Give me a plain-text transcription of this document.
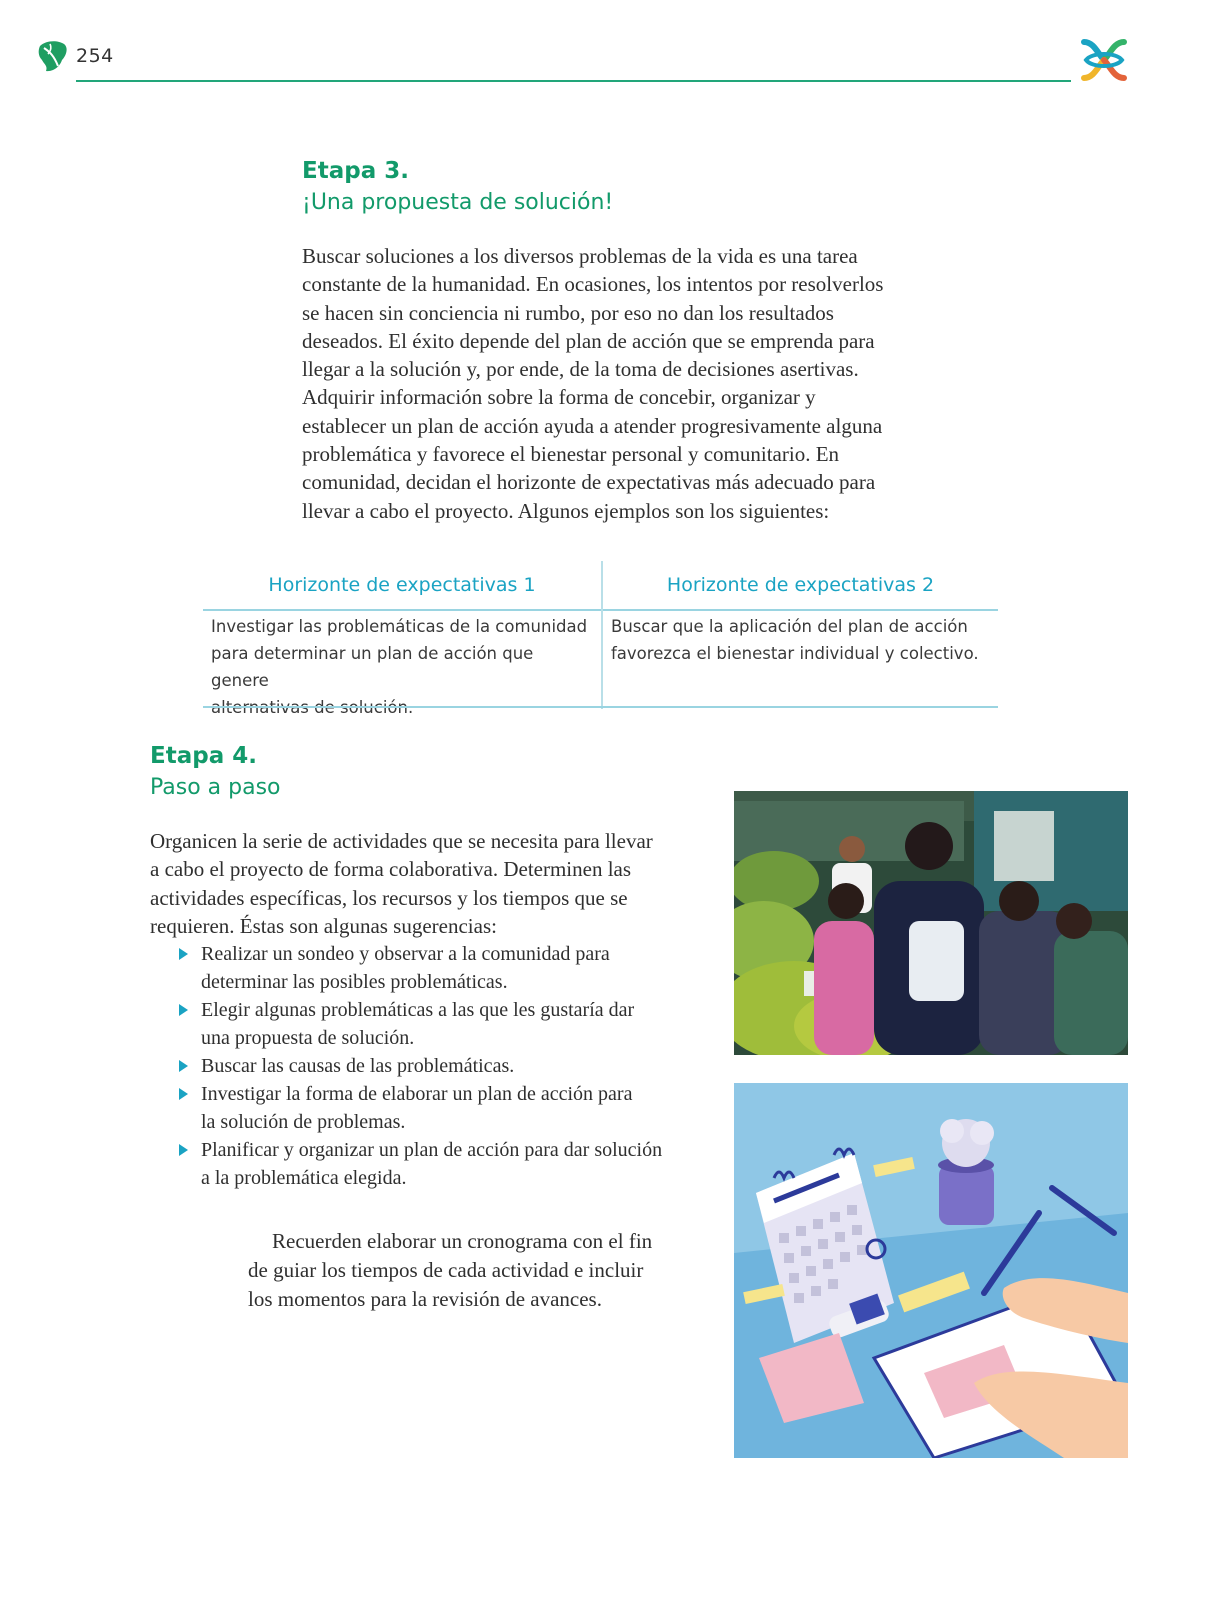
254
Etapa 3.
¡Una propuesta de solución!
Buscar soluciones a los diversos problemas de la vida es una tarea
constante de la humanidad. En ocasiones, los intentos por resolverlos
se hacen sin conciencia ni rumbo, por eso no dan los resultados
deseados. El éxito depende del plan de acción que se emprenda para
llegar a la solución y, por ende, de la toma de decisiones asertivas.
Adquirir información sobre la forma de concebir, organizar y
establecer un plan de acción ayuda a atender progresivamente alguna
problemática y favorece el bienestar personal y comunitario. En
comunidad, decidan el horizonte de expectativas más adecuado para
llevar a cabo el proyecto. Algunos ejemplos son los siguientes:
Horizonte de expectativas 1
Investigar las problemáticas de la comunidad
para determinar un plan de acción que genere
Horizonte de expectativas 2
Buscar que la aplicación del plan de acción
favorezca el bienestar individual y colectivo.
Etapa 4.
Paso a paso
Organicen la serie de actividades que se necesita para llevar
a cabo el proyecto de forma colaborativa. Determinen las
actividades específicas, los recursos y los tiempos que se
requieren. Éstas son algunas sugerencias:
Realizar un sondeo y observar a la comunidad para
determinar las posibles problemáticas.
Elegir algunas problemáticas a las que les gustaría dar
una propuesta de solución.
Buscar las causas de las problemáticas.
Investigar la forma de elaborar un plan de acción para
la solución de problemas.
Planificar y organizar un plan de acción para dar solución
a la problemática elegida.
Recuerden elaborar un cronograma con el fin
de guiar los tiempos de cada actividad e incluir
los momentos para la revisión de avances.
